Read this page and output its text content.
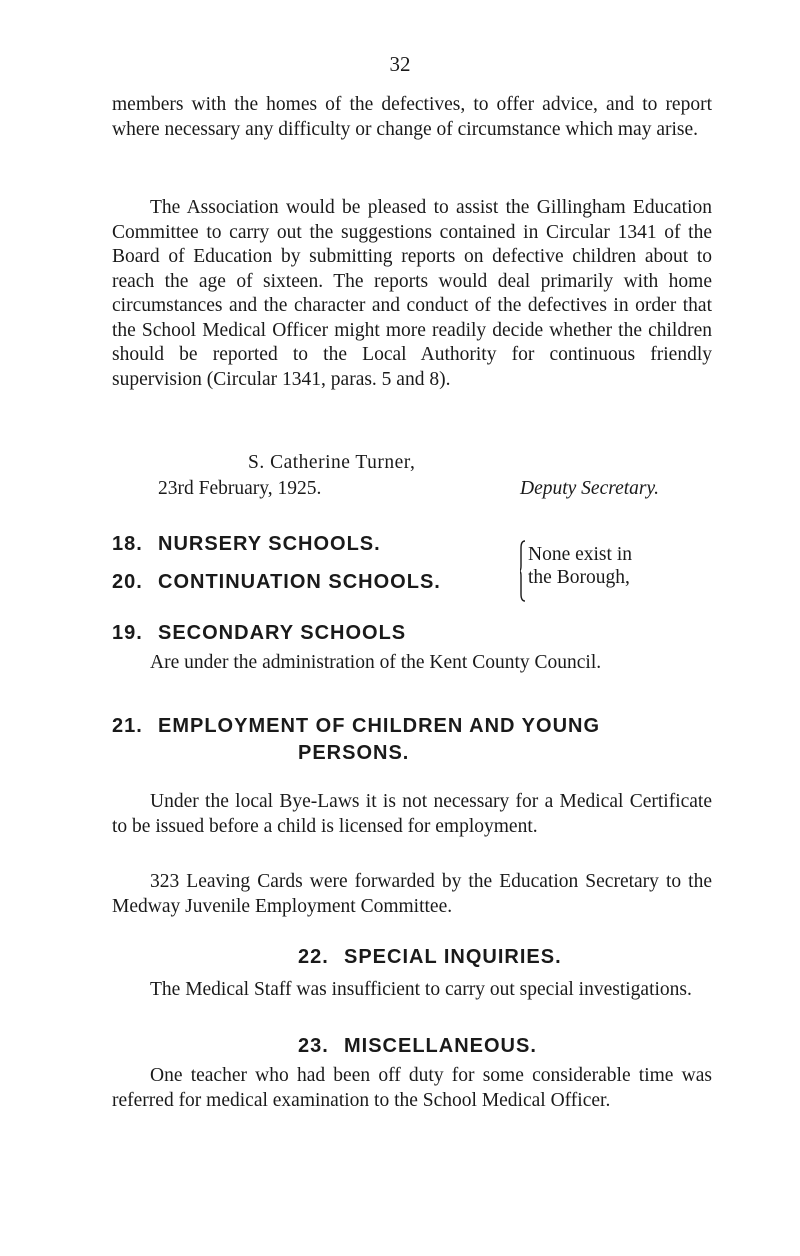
32

members with the homes of the defectives, to offer advice, and to report where necessary any difficulty or change of circumstance which may arise.

The Association would be pleased to assist the Gillingham Education Committee to carry out the suggestions contained in Circular 1341 of the Board of Education by submitting reports on defective children about to reach the age of sixteen. The reports would deal primarily with home circumstances and the character and conduct of the defectives in order that the School Medical Officer might more readily decide whether the children should be reported to the Local Authority for continuous friendly supervision (Circular 1341, paras. 5 and 8).

S. Catherine Turner,
23rd February, 1925.	Deputy Secretary.
18. NURSERY SCHOOLS.
20. CONTINUATION SCHOOLS.
None exist in
the Borough,
19. SECONDARY SCHOOLS

Are under the administration of the Kent County Council.

21. EMPLOYMENT OF CHILDREN AND YOUNG
PERSONS.

Under the local Bye-Laws it is not necessary for a Medical Certificate to be issued before a child is licensed for employment.

323 Leaving Cards were forwarded by the Education Secretary to the Medway Juvenile Employment Committee.

22. SPECIAL INQUIRIES.

The Medical Staff was insufficient to carry out special investigations.

23. MISCELLANEOUS.

One teacher who had been off duty for some considerable time was referred for medical examination to the School Medical Officer.
